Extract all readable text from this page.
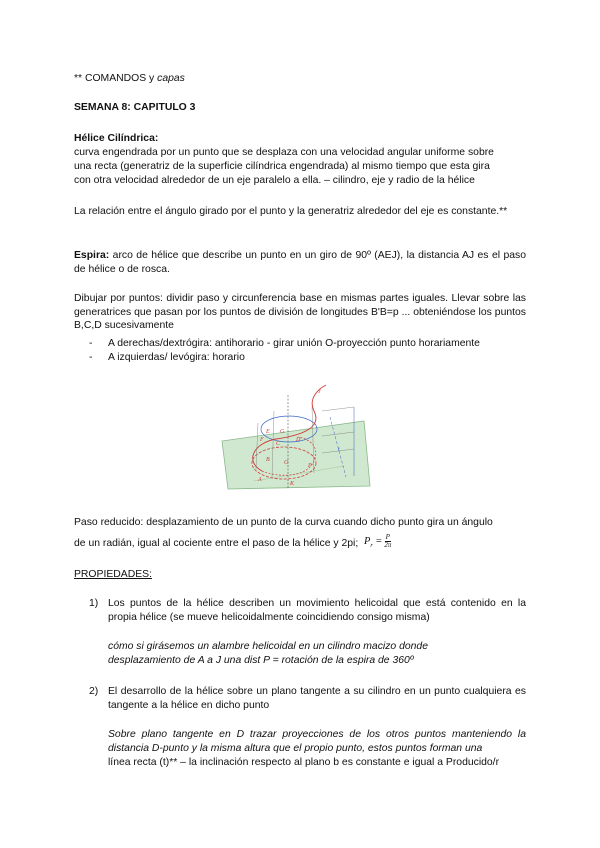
** COMANDOS y capas
SEMANA 8: CAPITULO 3
Hélice Cilíndrica:
curva engendrada por un punto que se desplaza con una velocidad angular uniforme sobre
una recta (generatriz de la superficie cilíndrica engendrada) al mismo tiempo que esta gira
con otra velocidad alrededor de un eje paralelo a ella. – cilindro, eje y radio de la hélice
La relación entre el ángulo girado por el punto y la generatriz alrededor del eje es constante.**
Espira: arco de hélice que describe un punto en un giro de 90º (AEJ), la distancia AJ es el paso de hélice o de rosca.
Dibujar por puntos: dividir paso y circunferencia base en mismas partes iguales. Llevar sobre las generatrices que pasan por los puntos de división de longitudes B'B=p ... obteniéndose los puntos B,C,D sucesivamente
- A derechas/dextrógira: antihorario - girar unión O-proyección punto horariamente
- A izquierdas/ levógira: horario
O
A
B
C
D
E
F
G
J
P
K
t
Paso reducido: desplazamiento de un punto de la curva cuando dicho punto gira un ángulo
de un radián, igual al cociente entre el paso de la hélice y 2pi; $P_r = \frac{P}{2\pi}$
PROPIEDADES:
1) Los puntos de la hélice describen un movimiento helicoidal que está contenido en la propia hélice (se mueve helicoidalmente coincidiendo consigo misma)
cómo si girásemos un alambre helicoidal en un cilindro macizo donde
desplazamiento de A a J una dist P = rotación de la espira de 360º
2) El desarrollo de la hélice sobre un plano tangente a su cilindro en un punto cualquiera es tangente a la hélice en dicho punto
Sobre plano tangente en D trazar proyecciones de los otros puntos manteniendo la distancia D-punto y la misma altura que el propio punto, estos puntos forman una
línea recta (t)** – la inclinación respecto al plano b es constante e igual a Producido/r
